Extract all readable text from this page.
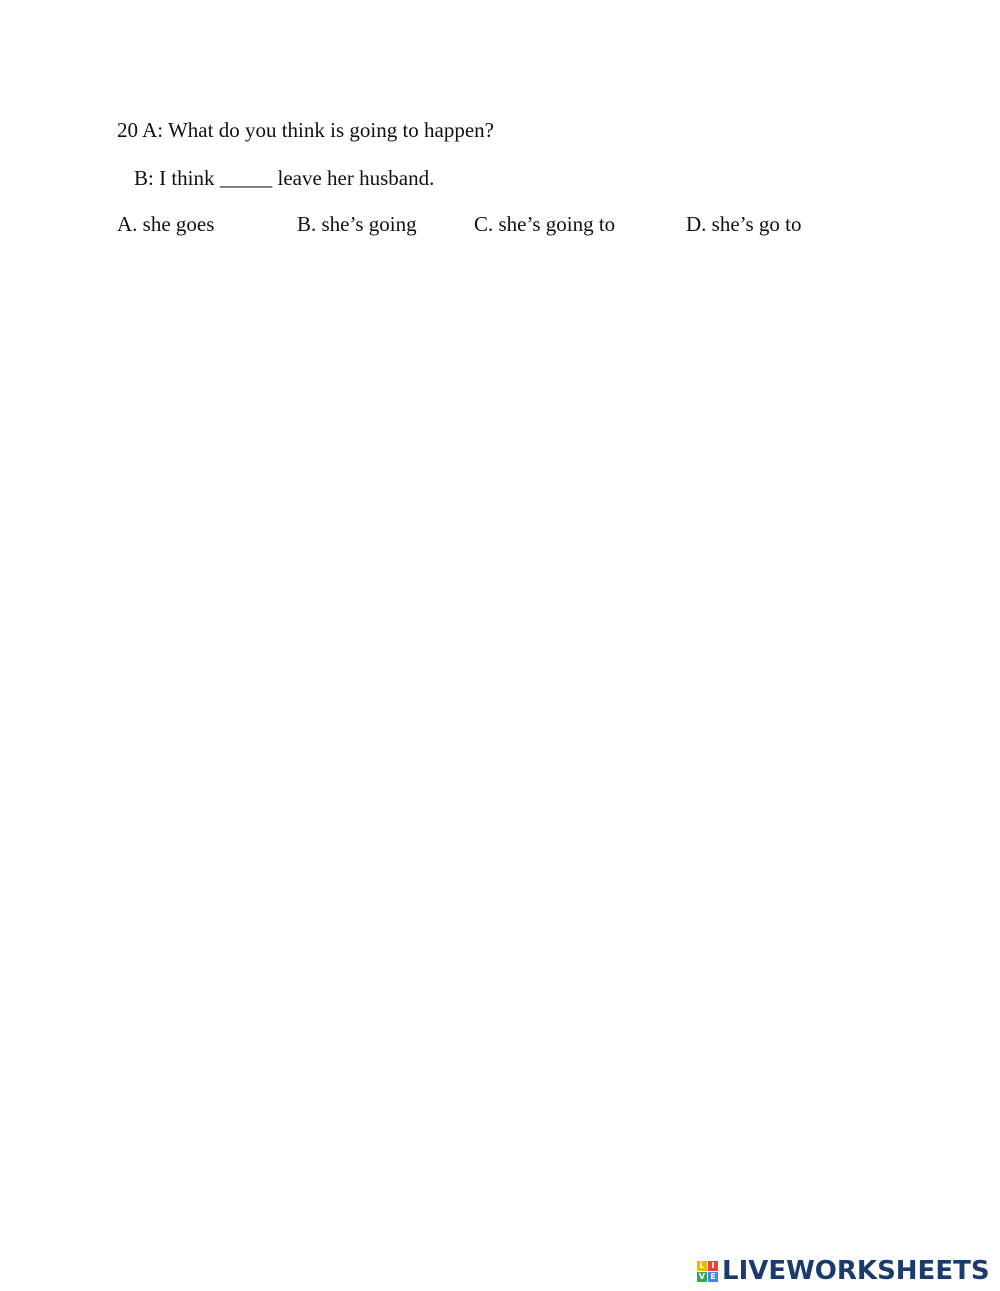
20 A: What do you think is going to happen?
B: I think _____ leave her husband.
A. she goes	B. she’s going	C. she’s going to	D. she’s go to
L I
V E LIVEWORKSHEETS
